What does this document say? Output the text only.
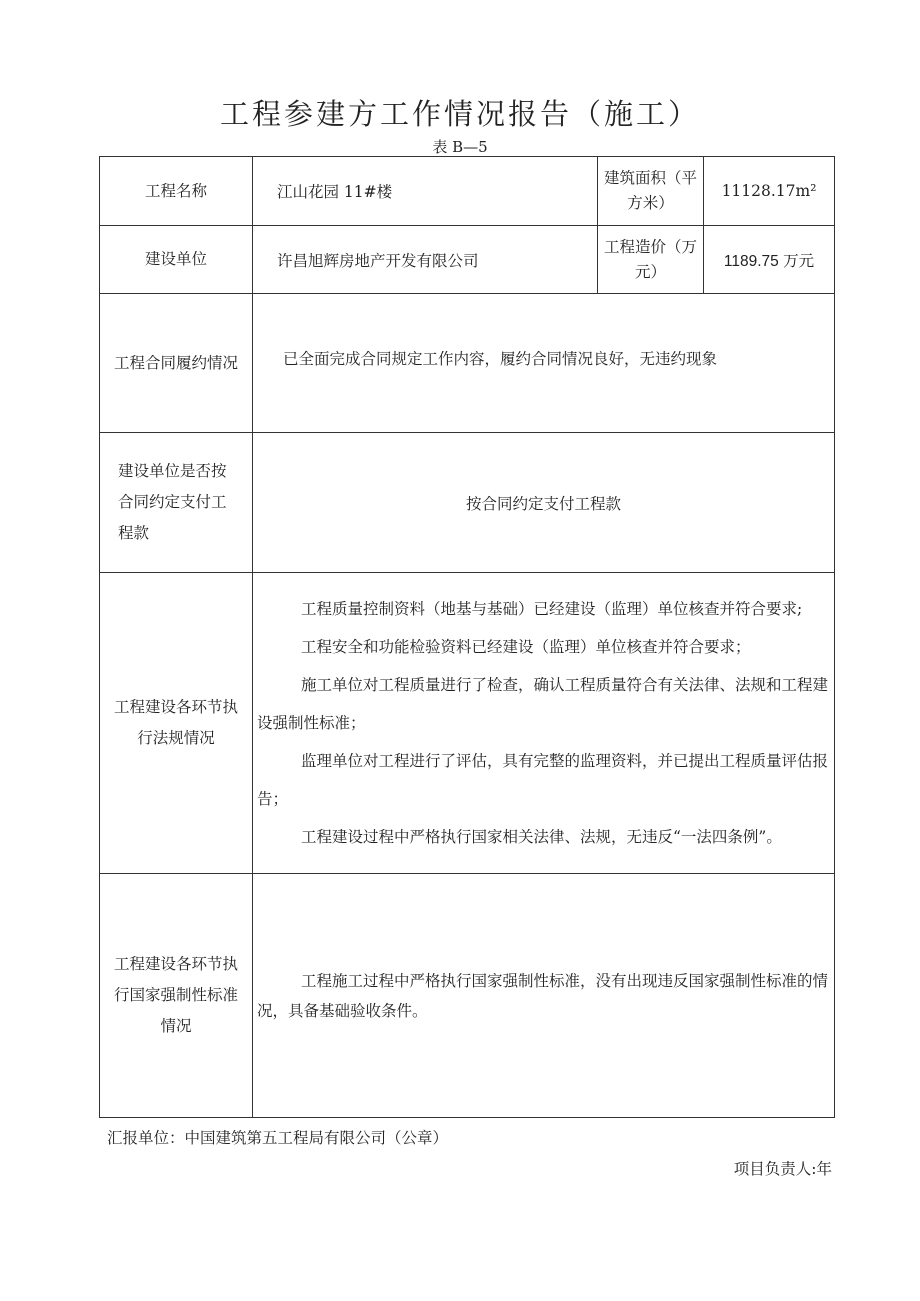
工程参建方工作情况报告（施工）
表 B—5
工程名称	江山花园 11#楼	建筑面积（平方米）	11128.17m²
建设单位	许昌旭辉房地产开发有限公司	工程造价（万元）	1189.75 万元
工程合同履约情况	已全面完成合同规定工作内容，履约合同情况良好，无违约现象		
建设单位是否按合同约定支付工程款	按合同约定支付工程款		
工程建设各环节执行法规情况	工程质量控制资料（地基与基础）已经建设（监理）单位核查并符合要求;
工程安全和功能检验资料已经建设（监理）单位核查并符合要求；
施工单位对工程质量进行了检查，确认工程质量符合有关法律、法规和工程建设强制性标准；
监理单位对工程进行了评估，具有完整的监理资料，并已提出工程质量评估报告；
工程建设过程中严格执行国家相关法律、法规，无违反“一法四条例”。		

工程建设各环节执行国家强制性标准情况	工程施工过程中严格执行国家强制性标准，没有出现违反国家强制性标准的情况，具备基础验收条件。		
汇报单位：中国建筑第五工程局有限公司（公章）
项目负责人:年
